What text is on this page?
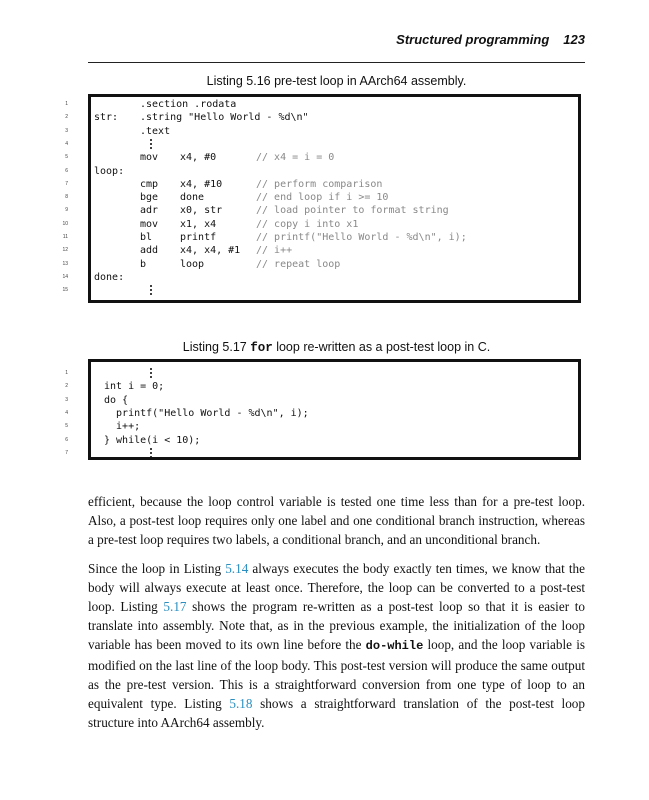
Structured programming 123
Listing 5.16 pre-test loop in AArch64 assembly.
1	.section .rodata
2	str: .string "Hello World - %d\n"
3	.text
4
5	mov x4, #0	// x4 = i = 0
6	loop:
7	cmp x4, #10	// perform comparison
8	bge done	// end loop if i >= 10
9	adr x0, str	// load pointer to format string
10	mov x1, x4	// copy i into x1
11	bl	printf	// printf("Hello World - %d\n", i);
12	add x4, x4, #1 // i++
13	b	loop	// repeat loop
14	done:
15
Listing 5.17 for loop re-written as a post-test loop in C.
1
2	int i = 0;
3	do {
4	printf("Hello World - %d\n", i);
5	i++;
6	} while(i < 10);
7

efficient, because the loop control variable is tested one time less than for a pre-test loop. Also, a post-test loop requires only one label and one conditional branch instruction, whereas a pre-test loop requires two labels, a conditional branch, and an unconditional branch.

Since the loop in Listing 5.14 always executes the body exactly ten times, we know that the body will always execute at least once. Therefore, the loop can be converted to a post-test loop. Listing 5.17 shows the program re-written as a post-test loop so that it is easier to translate into assembly. Note that, as in the previous example, the initialization of the loop variable has been moved to its own line before the do-while loop, and the loop variable is modified on the last line of the loop body. This post-test version will produce the same output as the pre-test version. This is a straightforward conversion from one type of loop to an equivalent type. Listing 5.18 shows a straightforward translation of the post-test loop structure into AArch64 assembly.
